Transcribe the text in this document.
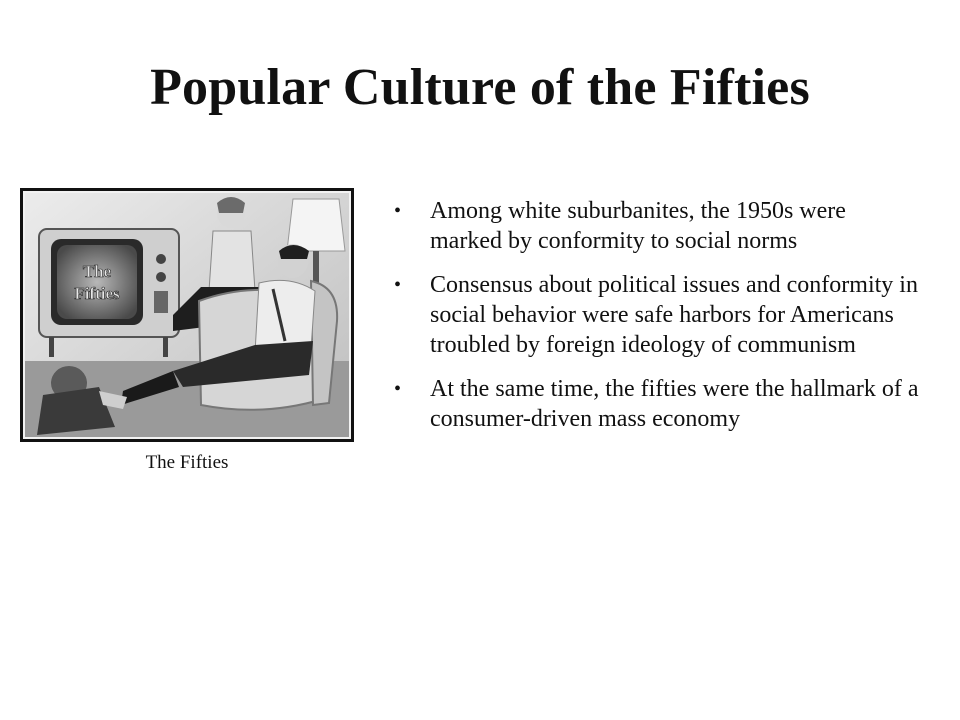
Popular Culture of the Fifties
The
Fifties
The Fifties
• Among white suburbanites, the 1950s were marked by conformity to social norms
• Consensus about political issues and conformity in social behavior were safe harbors for Americans troubled by foreign ideology of communism
• At the same time, the fifties were the hallmark of a consumer-driven mass economy
